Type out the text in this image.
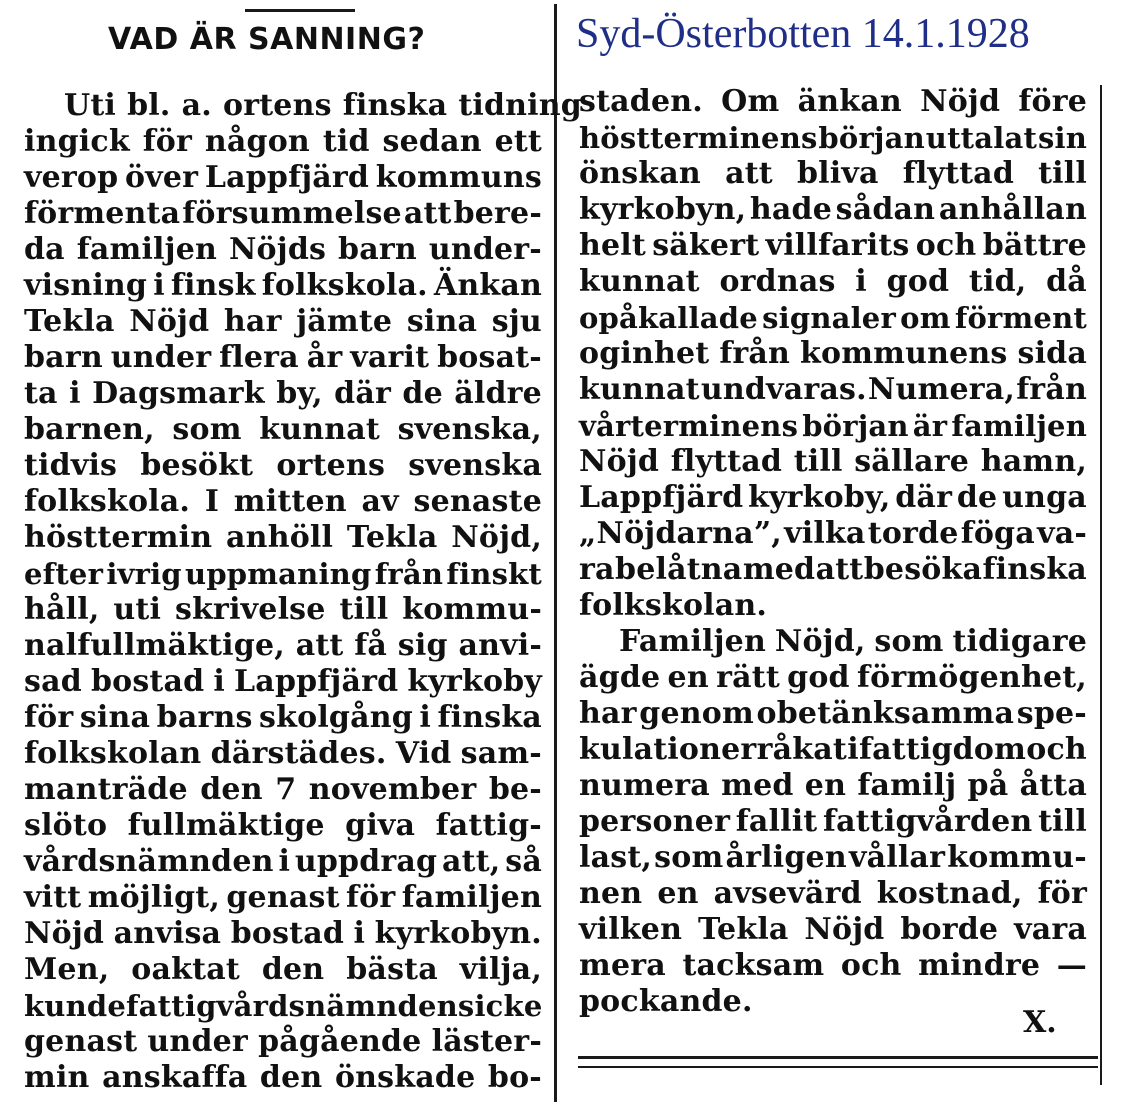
VAD ÄR SANNING?	Syd-Österbotten 14.1.1928
Uti bl. a. ortens finska tidning
ingick för någon tid sedan ett
verop över Lappfjärd kommuns
förmenta försummelse att bere-
da familjen Nöjds barn under-
visning i finsk folkskola. Änkan
Tekla Nöjd har jämte sina sju
barn under flera år varit bosat-
ta i Dagsmark by, där de äldre
barnen, som kunnat svenska,
tidvis besökt ortens svenska
folkskola. I mitten av senaste
hösttermin anhöll Tekla Nöjd,
efter ivrig uppmaning från finskt
håll, uti skrivelse till kommu-
nalfullmäktige, att få sig anvi-
sad bostad i Lappfjärd kyrkoby
för sina barns skolgång i finska
folkskolan därstädes. Vid sam-
manträde den 7 november be-
slöto fullmäktige giva fattig-
vårdsnämnden i uppdrag att, så
vitt möjligt, genast för familjen
Nöjd anvisa bostad i kyrkobyn.
Men, oaktat den bästa vilja,
kunde fattigvårdsnämndens icke
genast under pågående läster-
min anskaffa den önskade bo-
staden. Om änkan Nöjd före
höstterminens början uttalat sin
önskan att bliva flyttad till
kyrkobyn, hade sådan anhållan
helt säkert villfarits och bättre
kunnat ordnas i god tid, då
opåkallade signaler om förment
oginhet från kommunens sida
kunnat undvaras. Numera, från
vårterminens början är familjen
Nöjd flyttad till sällare hamn,
Lappfjärd kyrkoby, där de unga
„Nöjdarna”, vilka torde föga va-
ra belåtna med att besöka finska
folkskolan.
Familjen Nöjd, som tidigare
ägde en rätt god förmögenhet,
har genom obetänksamma spe-
kulationer råkat i fattigdom och
numera med en familj på åtta
personer fallit fattigvården till
last, som årligen vållar kommu-
nen en avsevärd kostnad, för
vilken Tekla Nöjd borde vara
mera tacksam och mindre —
pockande.
X.
